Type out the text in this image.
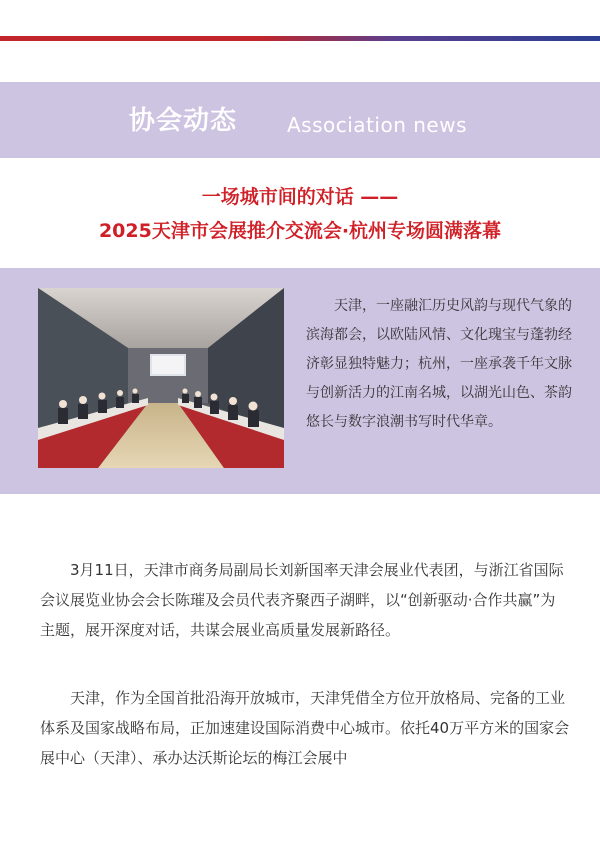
协会动态 Association news
一场城市间的对话 ——
2025天津市会展推介交流会·杭州专场圆满落幕

天津，一座融汇历史风韵与现代气象的滨海都会，以欧陆风情、文化瑰宝与蓬勃经济彰显独特魅力；杭州，一座承袭千年文脉与创新活力的江南名城，以湖光山色、茶韵悠长与数字浪潮书写时代华章。

3月11日，天津市商务局副局长刘新国率天津会展业代表团，与浙江省国际会议展览业协会会长陈璀及会员代表齐聚西子湖畔，以“创新驱动·合作共赢”为主题，展开深度对话，共谋会展业高质量发展新路径。

天津，作为全国首批沿海开放城市，天津凭借全方位开放格局、完备的工业体系及国家战略布局，正加速建设国际消费中心城市。依托40万平方米的国家会展中心（天津）、承办达沃斯论坛的梅江会展中
